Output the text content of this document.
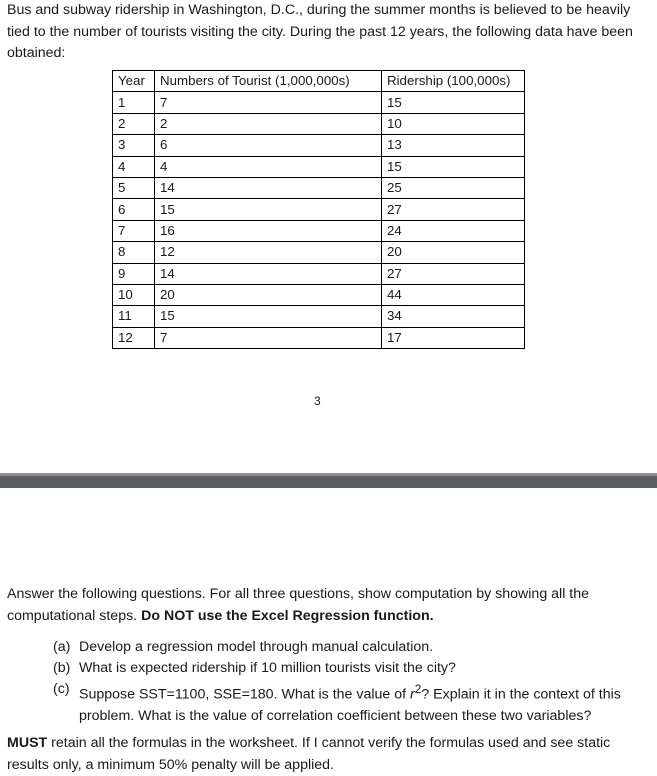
Bus and subway ridership in Washington, D.C., during the summer months is believed to be heavily tied to the number of tourists visiting the city. During the past 12 years, the following data have been obtained:

Year	Numbers of Tourist (1,000,000s)	Ridership (100,000s)
1	7	15
2	2	10
3	6	13
4	4	15
5	14	25
6	15	27
7	16	24
8	12	20
9	14	27
10	20	44
11	15	34
12	7	17
3

Answer the following questions. For all three questions, show computation by showing all the computational steps. Do NOT use the Excel Regression function.

(a) Develop a regression model through manual calculation.
(b) What is expected ridership if 10 million tourists visit the city?
(c) Suppose SST=1100, SSE=180. What is the value of $r^2$? Explain it in the context of this problem. What is the value of correlation coefficient between these two variables?

MUST retain all the formulas in the worksheet. If I cannot verify the formulas used and see static results only, a minimum 50% penalty will be applied.
